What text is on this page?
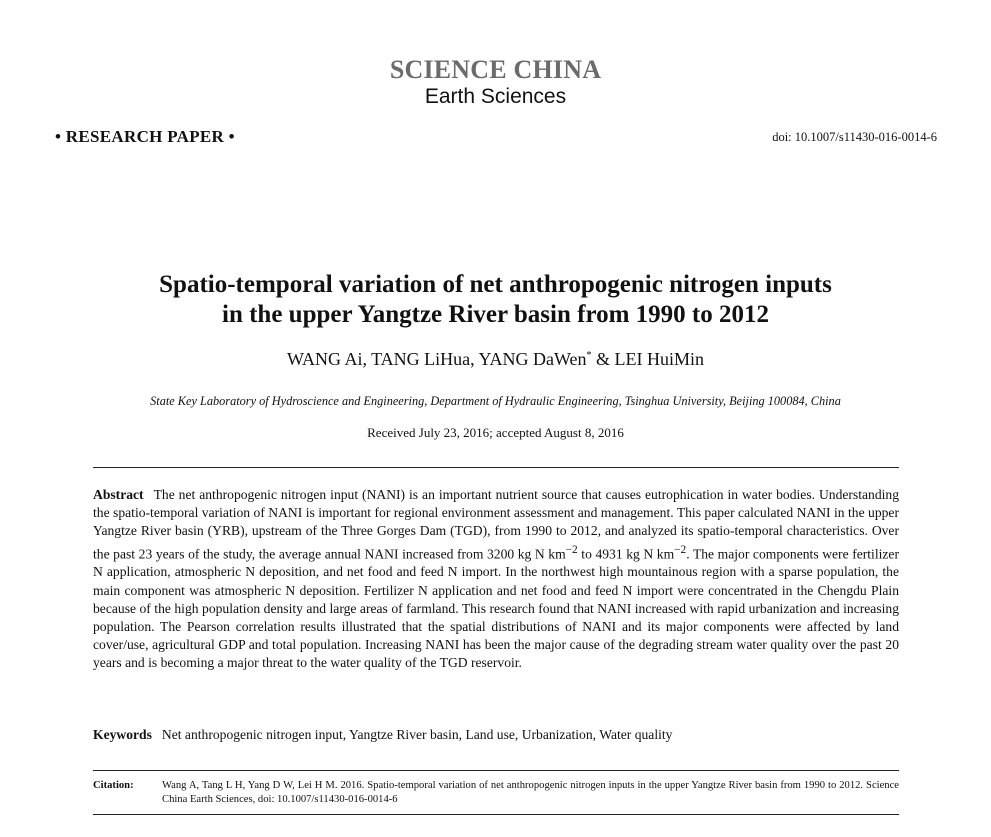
SCIENCE CHINA
Earth Sciences
• RESEARCH PAPER •	doi: 10.1007/s11430-016-0014-6
Spatio-temporal variation of net anthropogenic nitrogen inputs
in the upper Yangtze River basin from 1990 to 2012
WANG Ai, TANG LiHua, YANG DaWen* & LEI HuiMin
State Key Laboratory of Hydroscience and Engineering, Department of Hydraulic Engineering, Tsinghua University, Beijing 100084, China
Received July 23, 2016; accepted August 8, 2016
Abstract The net anthropogenic nitrogen input (NANI) is an important nutrient source that causes eutrophication in water bodies. Understanding the spatio-temporal variation of NANI is important for regional environment assessment and management. This paper calculated NANI in the upper Yangtze River basin (YRB), upstream of the Three Gorges Dam (TGD), from 1990 to 2012, and analyzed its spatio-temporal characteristics. Over the past 23 years of the study, the average annual NANI increased from 3200 kg N $km^{-2}$ to 4931 kg N $km^{-2}$. The major components were fertilizer N application, atmospheric N deposition, and net food and feed N import. In the northwest high mountainous region with a sparse population, the main component was atmospheric N deposition. Fertilizer N application and net food and feed N import were concentrated in the Chengdu Plain because of the high population density and large areas of farmland. This research found that NANI increased with rapid urbanization and increasing population. The Pearson correlation results illustrated that the spatial distributions of NANI and its major components were affected by land cover/use, agricultural GDP and total population. Increasing NANI has been the major cause of the degrading stream water quality over the past 20 years and is becoming a major threat to the water quality of the TGD reservoir.
Keywords Net anthropogenic nitrogen input, Yangtze River basin, Land use, Urbanization, Water quality
Citation:	Wang A, Tang L H, Yang D W, Lei H M. 2016. Spatio-temporal variation of net anthropogenic nitrogen inputs in the upper Yangtze River basin from 1990 to 2012. Science China Earth Sciences, doi: 10.1007/s11430-016-0014-6
